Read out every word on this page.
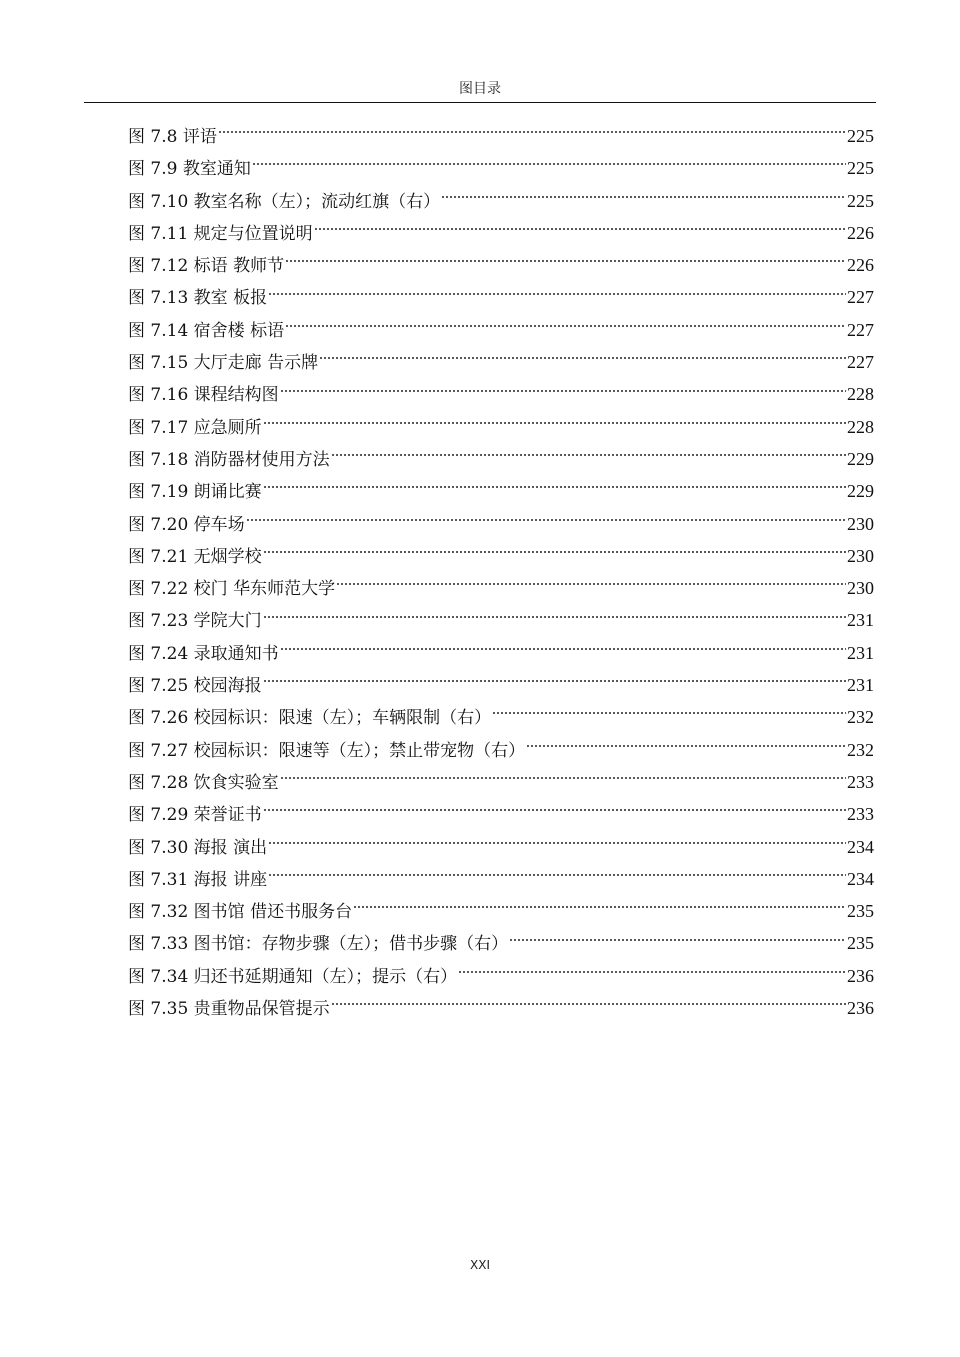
图目录
图 7.8 评语	225
图 7.9 教室通知	225
图 7.10 教室名称（左）；流动红旗（右）	225
图 7.11 规定与位置说明	226
图 7.12 标语 教师节	226
图 7.13 教室 板报	227
图 7.14 宿舍楼 标语	227
图 7.15 大厅走廊 告示牌	227
图 7.16 课程结构图	228
图 7.17 应急厕所	228
图 7.18 消防器材使用方法	229
图 7.19 朗诵比赛	229
图 7.20 停车场	230
图 7.21 无烟学校	230
图 7.22 校门 华东师范大学	230
图 7.23 学院大门	231
图 7.24 录取通知书	231
图 7.25 校园海报	231
图 7.26 校园标识：限速（左）；车辆限制（右）	232
图 7.27 校园标识：限速等（左）；禁止带宠物（右）	232
图 7.28 饮食实验室	233
图 7.29 荣誉证书	233
图 7.30 海报 演出	234
图 7.31 海报 讲座	234
图 7.32 图书馆 借还书服务台	235
图 7.33 图书馆：存物步骤（左）；借书步骤（右）	235
图 7.34 归还书延期通知（左）；提示（右）	236
图 7.35 贵重物品保管提示	236
XXI
